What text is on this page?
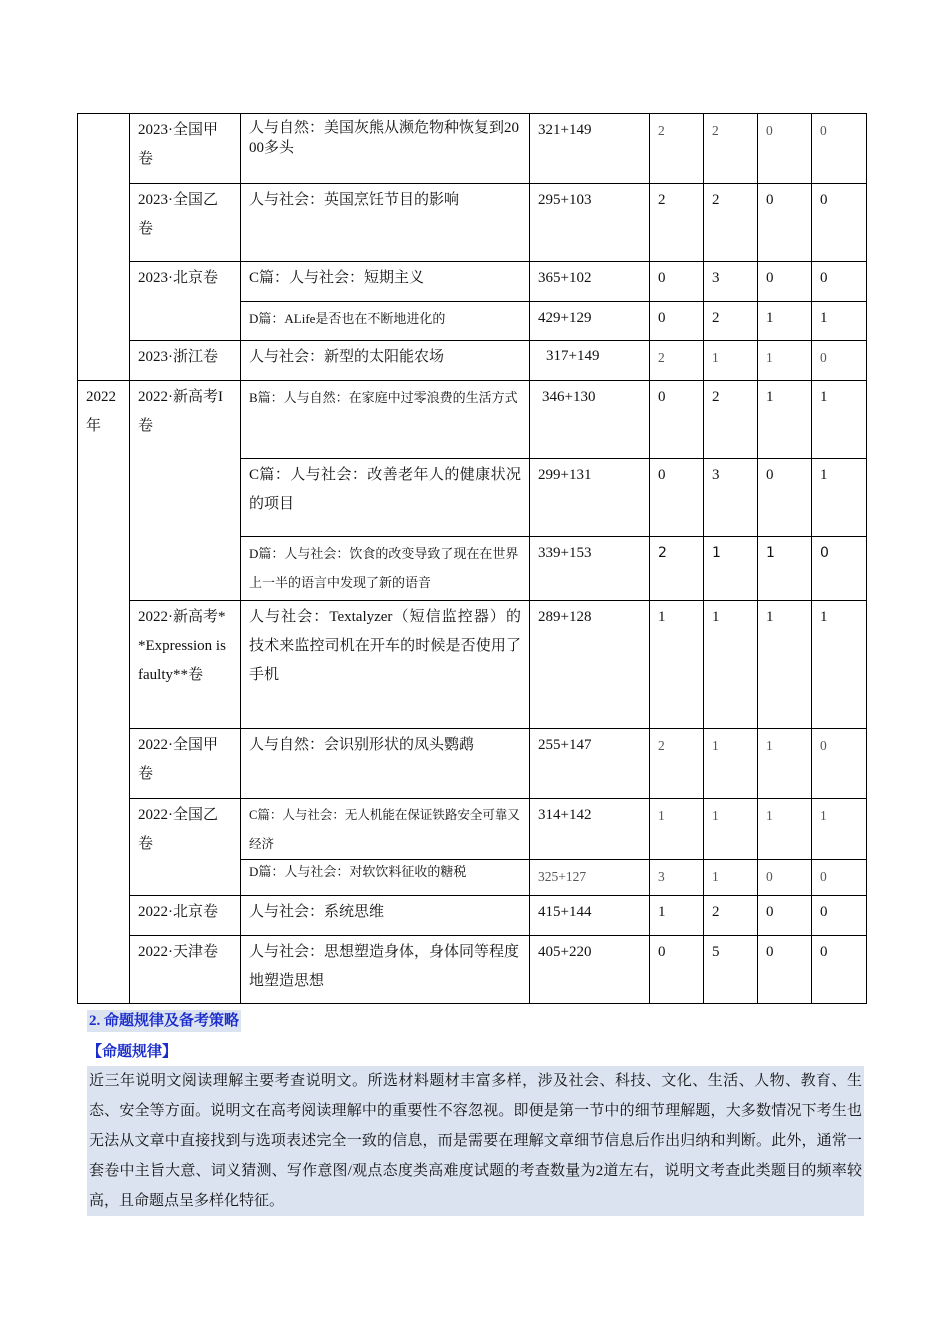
	2023·全国甲卷	人与自然：美国灰熊从濒危物种恢复到2000多头	321+149	2	2	0	0
	2023·全国乙卷	人与社会：英国烹饪节目的影响	295+103	2	2	0	0
	2023·北京卷	C篇：人与社会：短期主义	365+102	0	3	0	0
		D篇：ALife是否也在不断地进化的	429+129	0	2	1	1
	2023·浙江卷	人与社会：新型的太阳能农场	317+149	2	1	1	0
2022年	2022·新高考I卷	B篇：人与自然：在家庭中过零浪费的生活方式	346+130	0	2	1	1
		C篇：人与社会：改善老年人的健康状况的项目	299+131	0	3	0	1
		D篇：人与社会：饮食的改变导致了现在在世界上一半的语言中发现了新的语音	339+153	2	1	1	0
	2022·新高考**Expression is faulty**卷	人与社会：Textalyzer（短信监控器）的技术来监控司机在开车的时候是否使用了手机	289+128	1	1	1	1
	2022·全国甲卷	人与自然：会识别形状的凤头鹦鹉	255+147	2	1	1	0
	2022·全国乙卷	C篇：人与社会：无人机能在保证铁路安全可靠又经济	314+142	1	1	1	1
		D篇：人与社会：对软饮料征收的糖税	325+127	3	1	0	0
	2022·北京卷	人与社会：系统思维	415+144	1	2	0	0
	2022·天津卷	人与社会：思想塑造身体，身体同等程度地塑造思想	405+220	0	5	0	0
2. 命题规律及备考策略
【命题规律】
近三年说明文阅读理解主要考查说明文。所选材料题材丰富多样，涉及社会、科技、文化、生活、人物、教育、生态、安全等方面。说明文在高考阅读理解中的重要性不容忽视。即便是第一节中的细节理解题，大多数情况下考生也无法从文章中直接找到与选项表述完全一致的信息，而是需要在理解文章细节信息后作出归纳和判断。此外，通常一套卷中主旨大意、词义猜测、写作意图/观点态度类高难度试题的考查数量为2道左右，说明文考查此类题目的频率较高，且命题点呈多样化特征。
